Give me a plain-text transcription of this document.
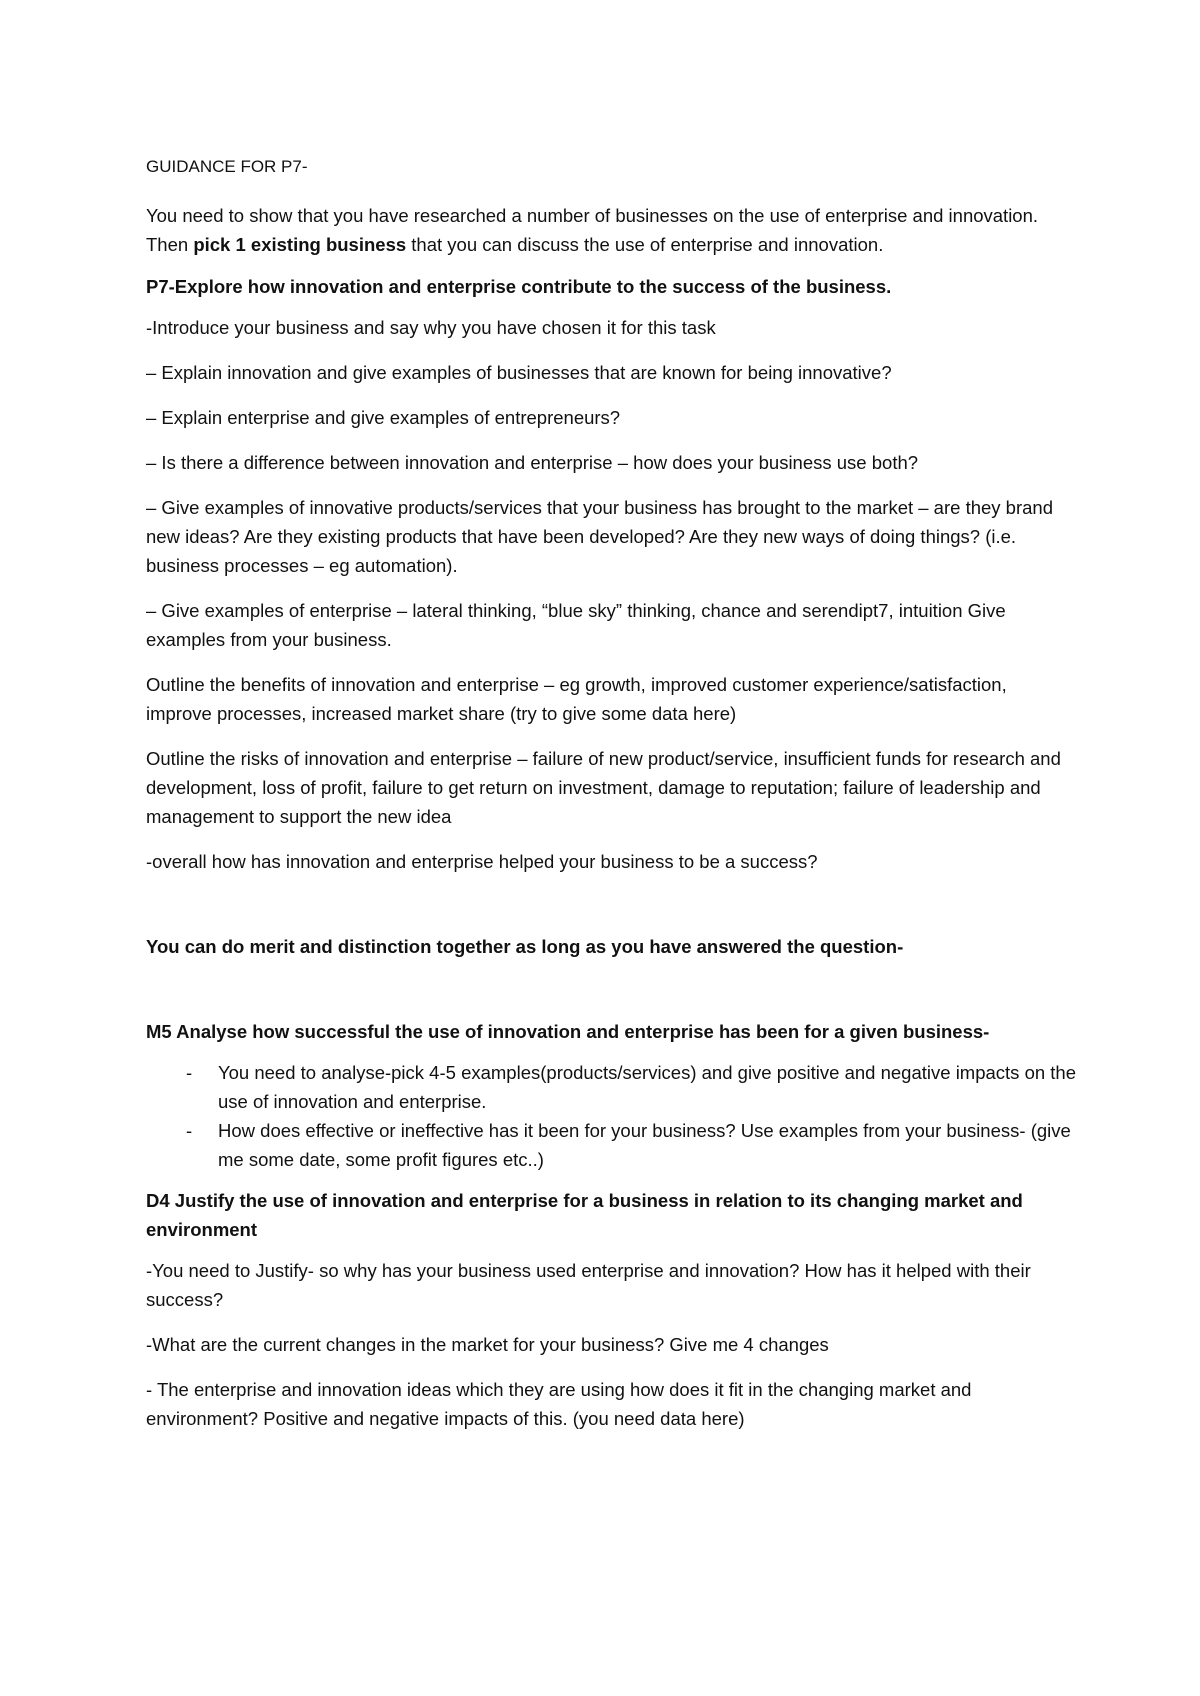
GUIDANCE FOR P7-

You need to show that you have researched a number of businesses on the use of enterprise and innovation. Then pick 1 existing business that you can discuss the use of enterprise and innovation.

P7-Explore how innovation and enterprise contribute to the success of the business.

-Introduce your business and say why you have chosen it for this task

– Explain innovation and give examples of businesses that are known for being innovative?

– Explain enterprise and give examples of entrepreneurs?

– Is there a difference between innovation and enterprise – how does your business use both?

– Give examples of innovative products/services that your business has brought to the market – are they brand new ideas? Are they existing products that have been developed? Are they new ways of doing things? (i.e. business processes – eg automation).

– Give examples of enterprise – lateral thinking, “blue sky” thinking, chance and serendipt7, intuition Give examples from your business.

Outline the benefits of innovation and enterprise – eg growth, improved customer experience/satisfaction, improve processes, increased market share (try to give some data here)

Outline the risks of innovation and enterprise – failure of new product/service, insufficient funds for research and development, loss of profit, failure to get return on investment, damage to reputation; failure of leadership and management to support the new idea

-overall how has innovation and enterprise helped your business to be a success?

You can do merit and distinction together as long as you have answered the question-

M5 Analyse how successful the use of innovation and enterprise has been for a given business-

- You need to analyse-pick 4-5 examples(products/services) and give positive and negative impacts on the use of innovation and enterprise.
- How does effective or ineffective has it been for your business? Use examples from your business- (give me some date, some profit figures etc..)

D4 Justify the use of innovation and enterprise for a business in relation to its changing market and environment

-You need to Justify- so why has your business used enterprise and innovation? How has it helped with their success?

-What are the current changes in the market for your business? Give me 4 changes

- The enterprise and innovation ideas which they are using how does it fit in the changing market and environment? Positive and negative impacts of this. (you need data here)
